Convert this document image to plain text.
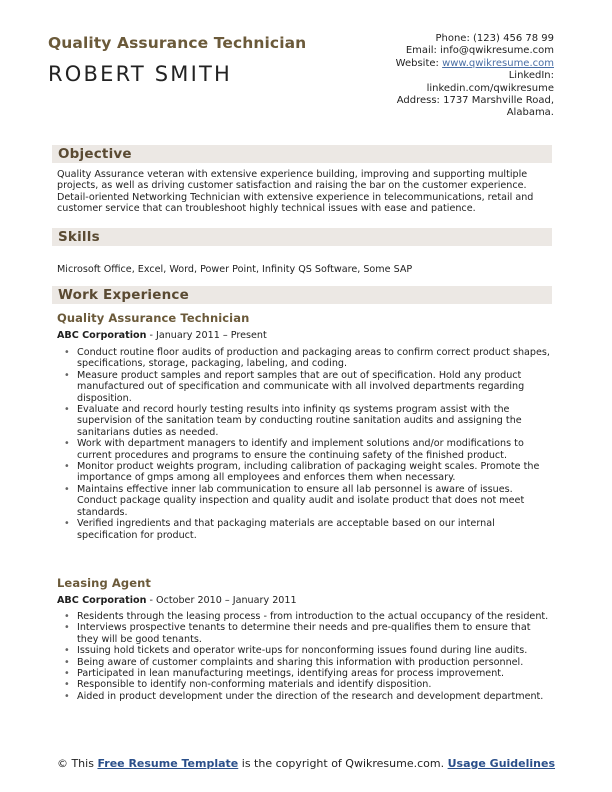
Quality Assurance Technician
ROBERT SMITH
Phone: (123) 456 78 99
Email: info@qwikresume.com
Website: www.qwikresume.com
LinkedIn:
linkedin.com/qwikresume
Address: 1737 Marshville Road,
Alabama.
Objective
Quality Assurance veteran with extensive experience building, improving and supporting multiple projects, as well as driving customer satisfaction and raising the bar on the customer experience. Detail-oriented Networking Technician with extensive experience in telecommunications, retail and customer service that can troubleshoot highly technical issues with ease and patience.
Skills
Microsoft Office, Excel, Word, Power Point, Infinity QS Software, Some SAP
Work Experience
Quality Assurance Technician
ABC Corporation - January 2011 – Present
• Conduct routine floor audits of production and packaging areas to confirm correct product shapes, specifications, storage, packaging, labeling, and coding.
• Measure product samples and report samples that are out of specification. Hold any product manufactured out of specification and communicate with all involved departments regarding disposition.
• Evaluate and record hourly testing results into infinity qs systems program assist with the supervision of the sanitation team by conducting routine sanitation audits and assigning the sanitarians duties as needed.
• Work with department managers to identify and implement solutions and/or modifications to current procedures and programs to ensure the continuing safety of the finished product.
• Monitor product weights program, including calibration of packaging weight scales. Promote the importance of gmps among all employees and enforces them when necessary.
• Maintains effective inner lab communication to ensure all lab personnel is aware of issues. Conduct package quality inspection and quality audit and isolate product that does not meet standards.
• Verified ingredients and that packaging materials are acceptable based on our internal specification for product.
Leasing Agent
ABC Corporation - October 2010 – January 2011
• Residents through the leasing process - from introduction to the actual occupancy of the resident.
• Interviews prospective tenants to determine their needs and pre-qualifies them to ensure that they will be good tenants.
• Issuing hold tickets and operator write-ups for nonconforming issues found during line audits.
• Being aware of customer complaints and sharing this information with production personnel.
• Participated in lean manufacturing meetings, identifying areas for process improvement.
• Responsible to identify non-conforming materials and identify disposition.
• Aided in product development under the direction of the research and development department.
© This Free Resume Template is the copyright of Qwikresume.com. Usage Guidelines
